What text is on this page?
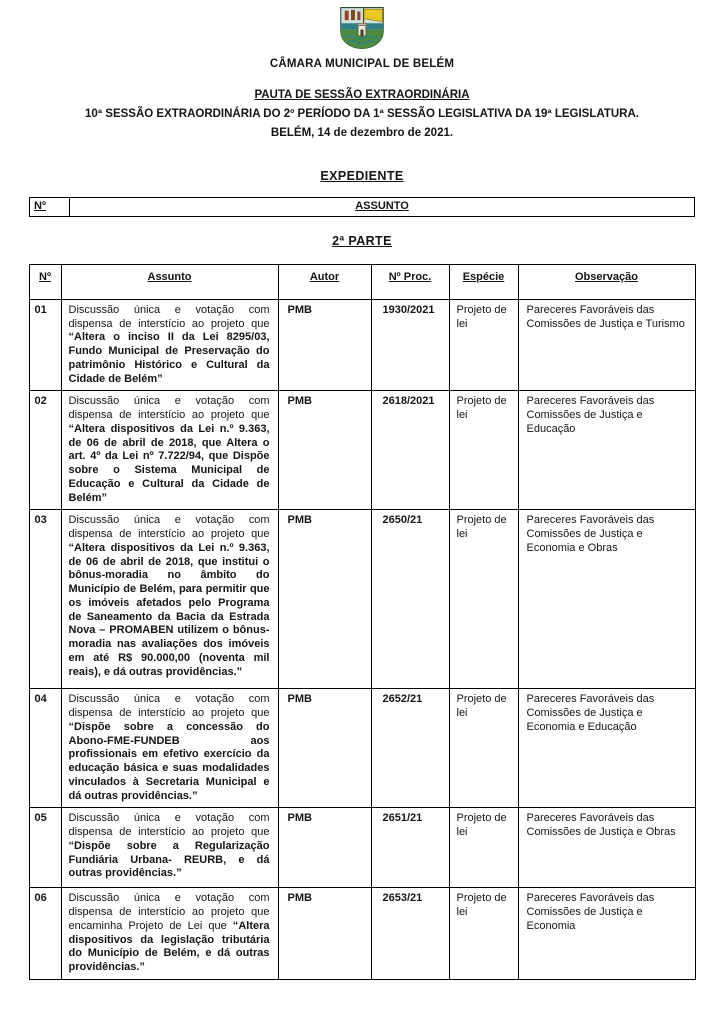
CÂMARA MUNICIPAL DE BELÉM
PAUTA DE SESSÃO EXTRAORDINÁRIA
10ª SESSÃO EXTRAORDINÁRIA DO 2º PERÍODO DA 1ª SESSÃO LEGISLATIVA DA 19ª LEGISLATURA.
BELÉM, 14 de dezembro de 2021.
EXPEDIENTE
Nº	ASSUNTO
2ª PARTE
Nº	Assunto	Autor	Nº Proc.	Espécie	Observação
01	Discussão única e votação com dispensa de interstício ao projeto que “Altera o inciso II da Lei 8295/03, Fundo Municipal de Preservação do patrimônio Histórico e Cultural da Cidade de Belém”	PMB	1930/2021	Projeto de lei	Pareceres Favoráveis das Comissões de Justiça e Turismo
02	Discussão única e votação com dispensa de interstício ao projeto que “Altera dispositivos da Lei n.º 9.363, de 06 de abril de 2018, que Altera o art. 4º da Lei nº 7.722/94, que Dispõe sobre o Sistema Municipal de Educação e Cultural da Cidade de Belém”	PMB	2618/2021	Projeto de lei	Pareceres Favoráveis das Comissões de Justiça e Educação
03	Discussão única e votação com dispensa de interstício ao projeto que “Altera dispositivos da Lei n.º 9.363, de 06 de abril de 2018, que institui o bônus-moradia no âmbito do Município de Belém, para permitir que os imóveis afetados pelo Programa de Saneamento da Bacia da Estrada Nova – PROMABEN utilizem o bônus-moradia nas avaliações dos imóveis em até R$ 90.000,00 (noventa mil reais), e dá outras providências.”	PMB	2650/21	Projeto de lei	Pareceres Favoráveis das Comissões de Justiça e Economia e Obras
04	Discussão única e votação com dispensa de interstício ao projeto que “Dispõe sobre a concessão do Abono-FME-FUNDEB aos profissionais em efetivo exercício da educação básica e suas modalidades vinculados à Secretaria Municipal e dá outras providências.”	PMB	2652/21	Projeto de lei	Pareceres Favoráveis das Comissões de Justiça e Economia e Educação
05	Discussão única e votação com dispensa de interstício ao projeto que “Dispõe sobre a Regularização Fundiária Urbana- REURB, e dá outras providências.”	PMB	2651/21	Projeto de lei	Pareceres Favoráveis das Comissões de Justiça e Obras
06	Discussão única e votação com dispensa de interstício ao projeto que encaminha Projeto de Lei que “Altera dispositivos da legislação tributária do Município de Belém, e dá outras providências.”	PMB	2653/21	Projeto de lei	Pareceres Favoráveis das Comissões de Justiça e Economia
